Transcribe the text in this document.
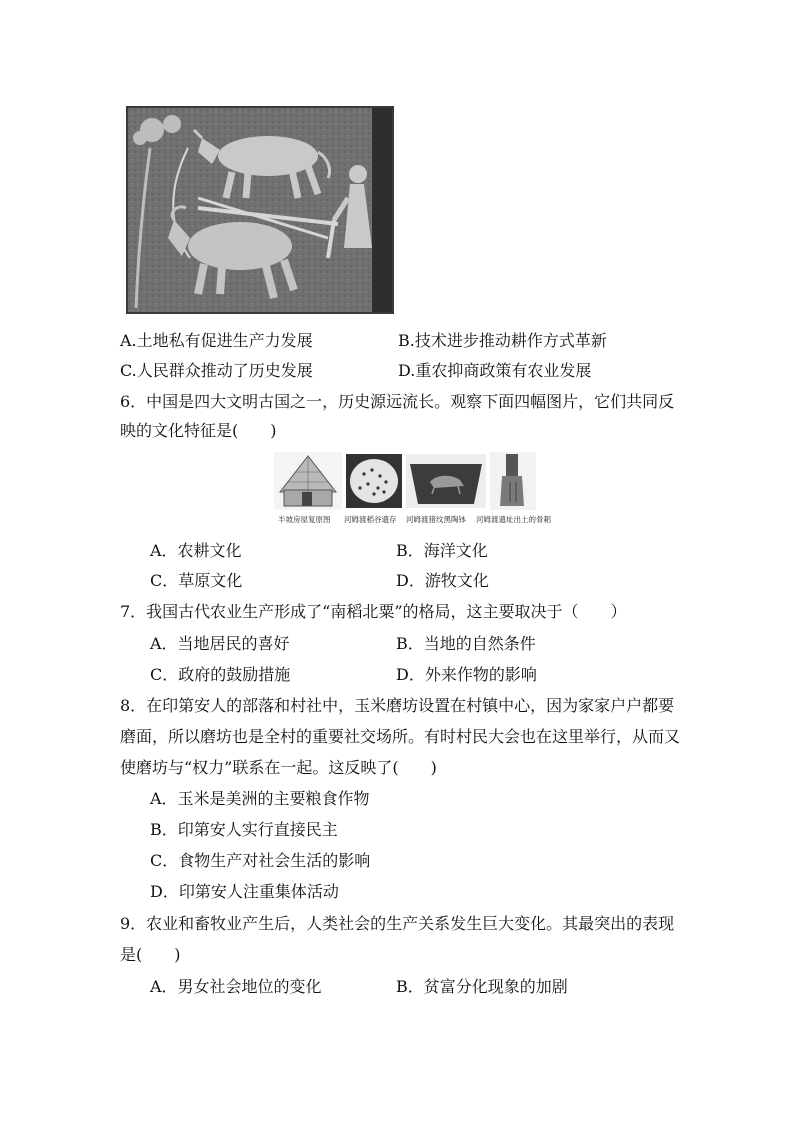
A.土地私有促进生产力发展	B.技术进步推动耕作方式革新
C.人民群众推动了历史发展	D.重农抑商政策有农业发展
6．中国是四大文明古国之一，历史源远流长。观察下面四幅图片，它们共同反
映的文化特征是(　　)
半坡房屋复原图 河姆渡稻谷遗存 河姆渡猪纹黑陶钵 河姆渡遗址出土的骨耜
A．农耕文化	B．海洋文化
C．草原文化	D．游牧文化
7．我国古代农业生产形成了“南稻北粟”的格局，这主要取决于（　　）
A．当地居民的喜好	B．当地的自然条件
C．政府的鼓励措施	D．外来作物的影响
8．在印第安人的部落和村社中，玉米磨坊设置在村镇中心，因为家家户户都要
磨面，所以磨坊也是全村的重要社交场所。有时村民大会也在这里举行，从而又
使磨坊与“权力”联系在一起。这反映了(　　)
A．玉米是美洲的主要粮食作物
B．印第安人实行直接民主
C．食物生产对社会生活的影响
D．印第安人注重集体活动
9．农业和畜牧业产生后，人类社会的生产关系发生巨大变化。其最突出的表现
是(　　)
A．男女社会地位的变化	B．贫富分化现象的加剧
